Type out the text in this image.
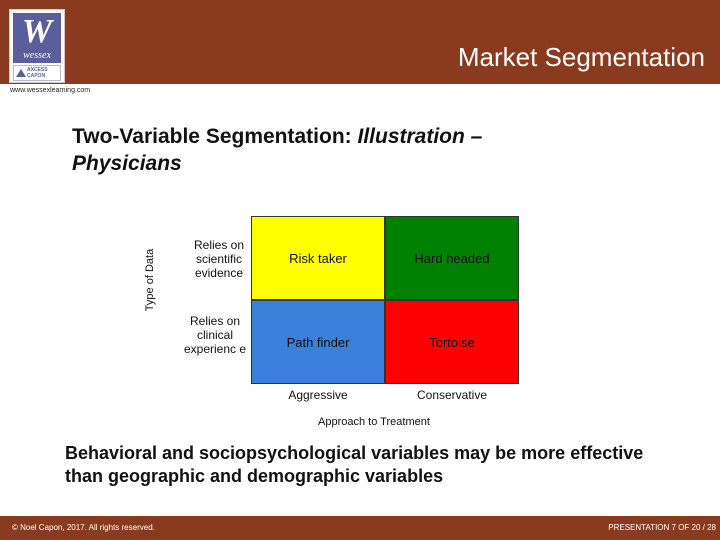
W
wessex
AXCESS
CAPON
Market Segmentation
www.wessexlearning.com
Two-Variable Segmentation: Illustration –
Physicians
Type of Data
Relies on scientific evidence
Relies on clinical experienc e
Risk taker	Hard headed
Path finder	Tortoise
Aggressive	Conservative
Approach to Treatment
Behavioral and sociopsychological variables may be more effective than geographic and demographic variables
© Noel Capon, 2017. All rights reserved.	PRESENTATION 7 OF 20 / 28
